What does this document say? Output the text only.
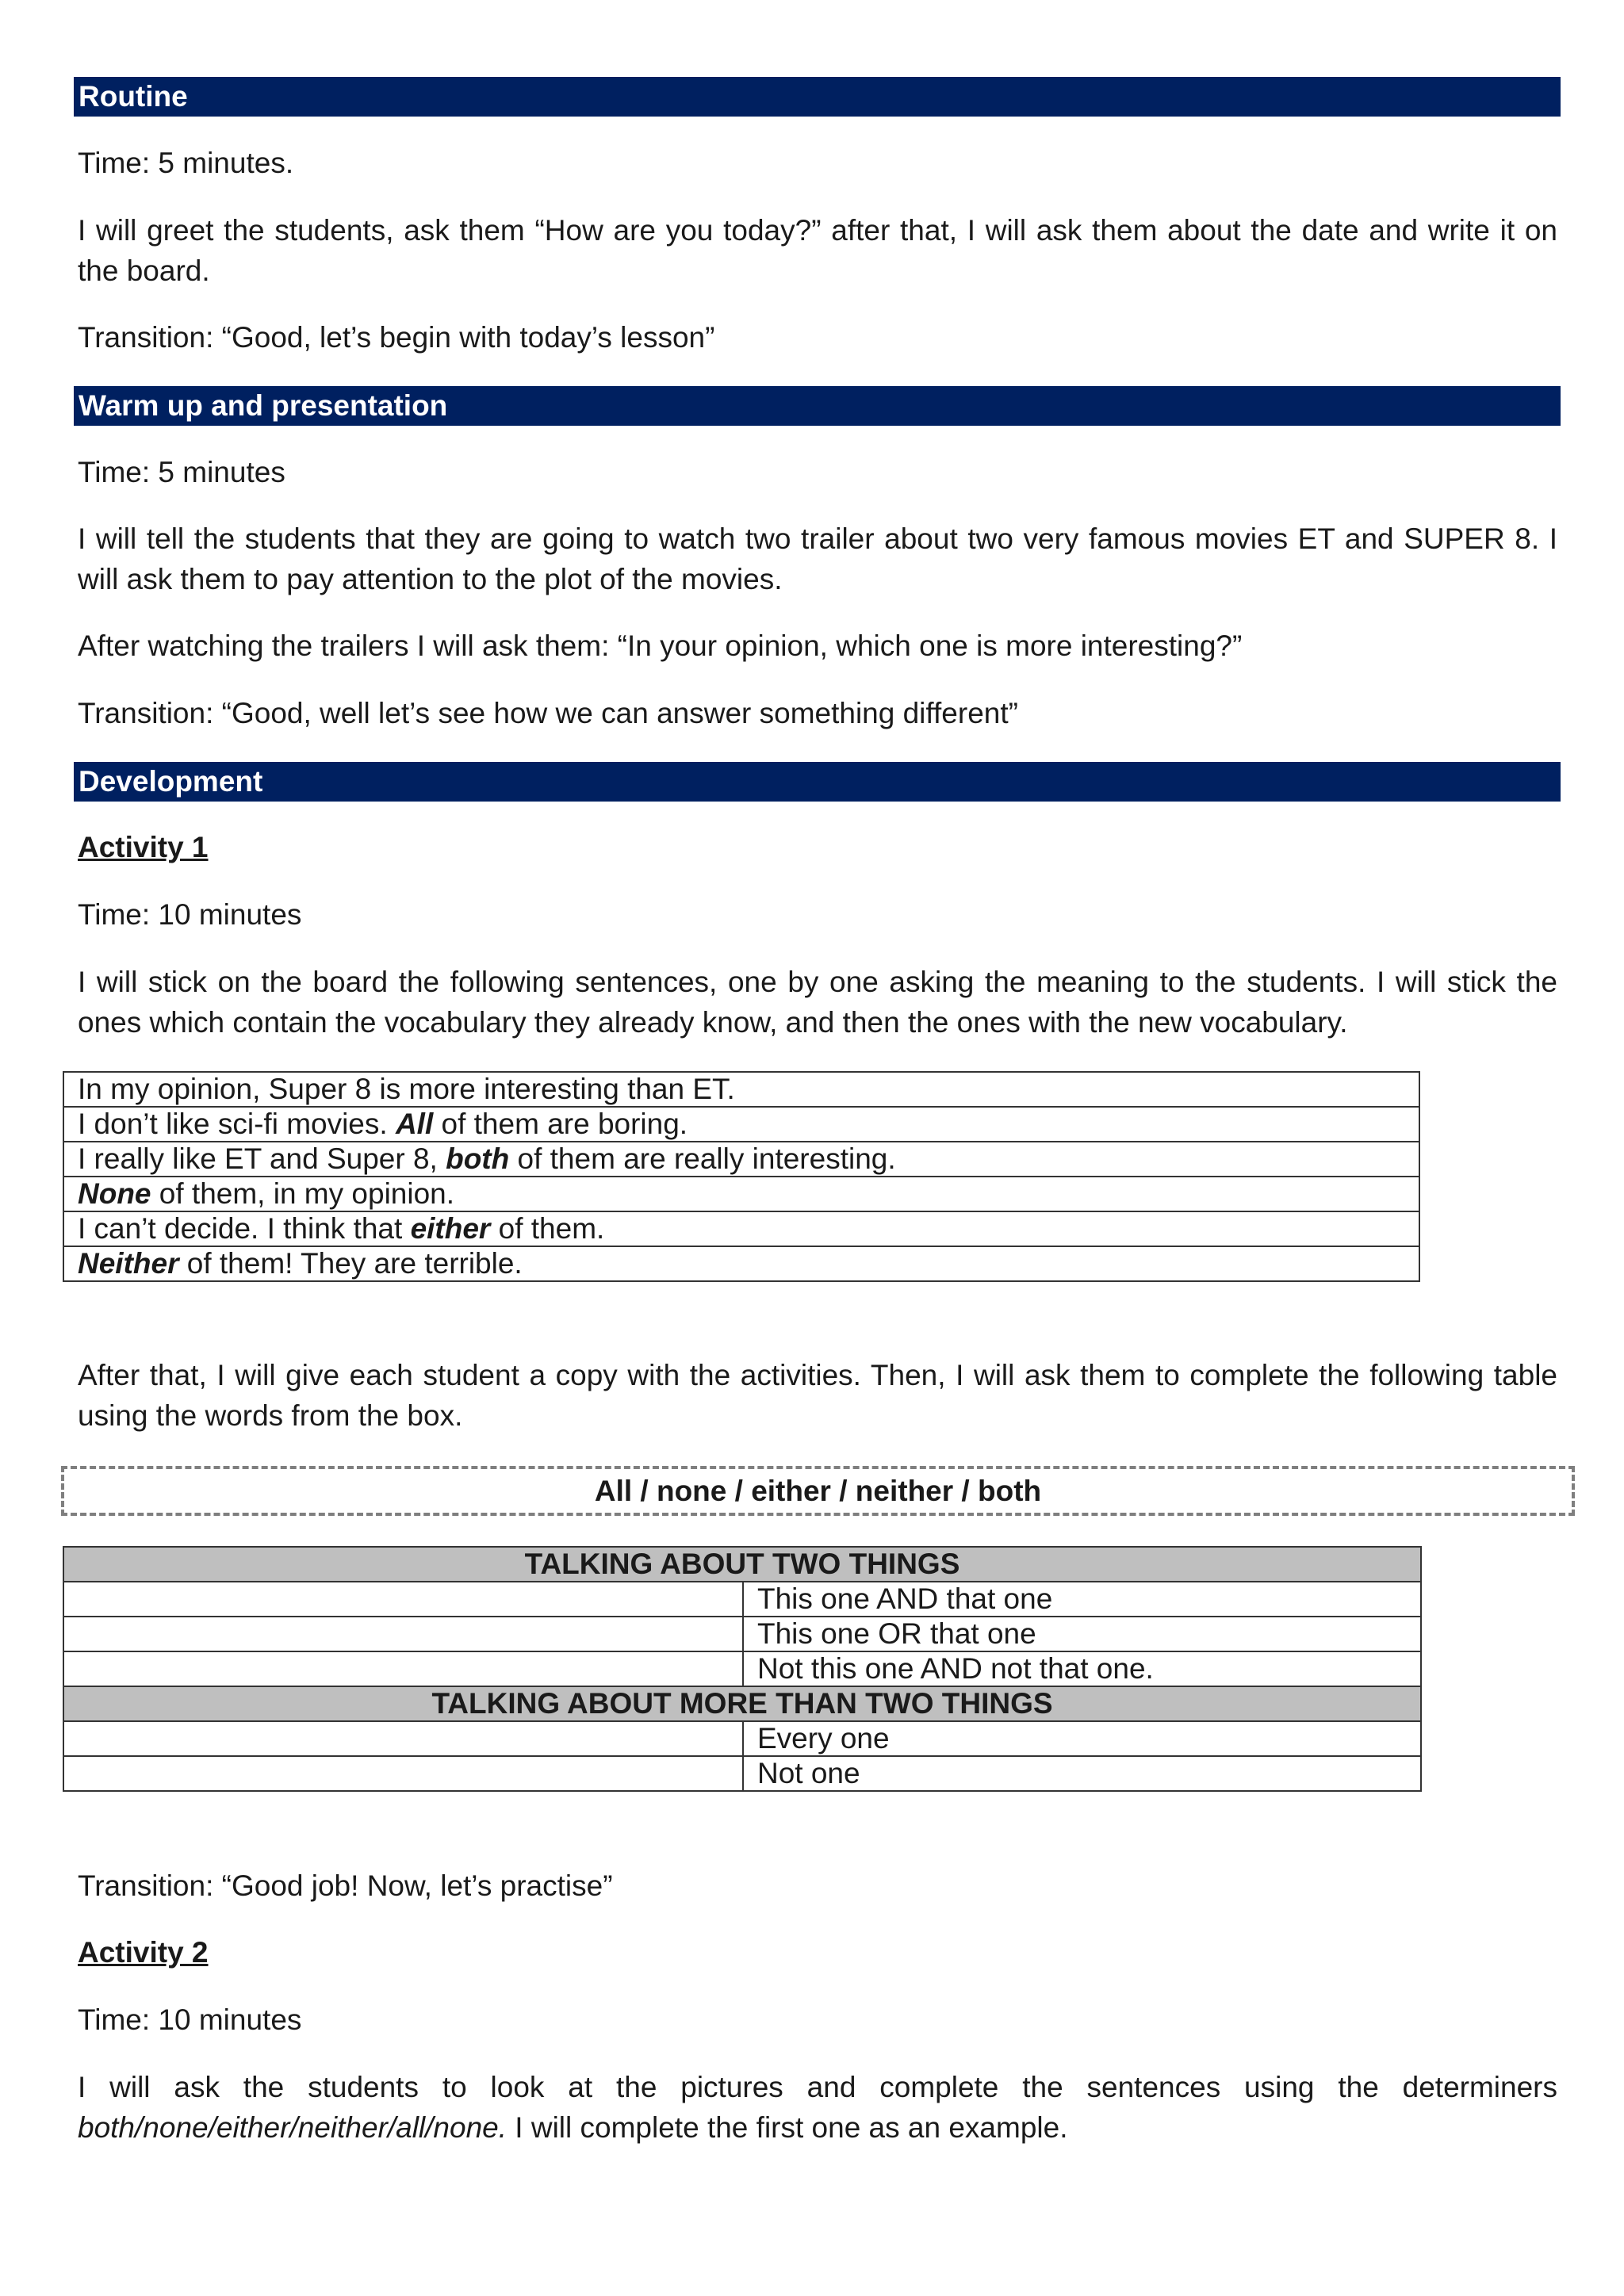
Routine

Time: 5 minutes.

I will greet the students, ask them “How are you today?” after that, I will ask them about the date and write it on the board.

Transition: “Good, let’s begin with today’s lesson”

Warm up and presentation

Time: 5 minutes

I will tell the students that they are going to watch two trailer about two very famous movies ET and SUPER 8. I will ask them to pay attention to the plot of the movies.

After watching the trailers I will ask them: “In your opinion, which one is more interesting?”

Transition: “Good, well let’s see how we can answer something different”

Development

Activity 1

Time: 10 minutes

I will stick on the board the following sentences, one by one asking the meaning to the students. I will stick the ones which contain the vocabulary they already know, and then the ones with the new vocabulary.

In my opinion, Super 8 is more interesting than ET.
I don’t like sci-fi movies. All of them are boring.
I really like ET and Super 8, both of them are really interesting.
None of them, in my opinion.
I can’t decide. I think that either of them.
Neither of them! They are terrible.

After that, I will give each student a copy with the activities. Then, I will ask them to complete the following table using the words from the box.

All / none / either / neither / both
TALKING ABOUT TWO THINGS	
	This one AND that one
	This one OR that one
	Not this one AND not that one.
TALKING ABOUT MORE THAN TWO THINGS	
	Every one
	Not one

Transition: “Good job! Now, let’s practise”

Activity 2

Time: 10 minutes

I will ask the students to look at the pictures and complete the sentences using the determiners both/none/either/neither/all/none. I will complete the first one as an example.
